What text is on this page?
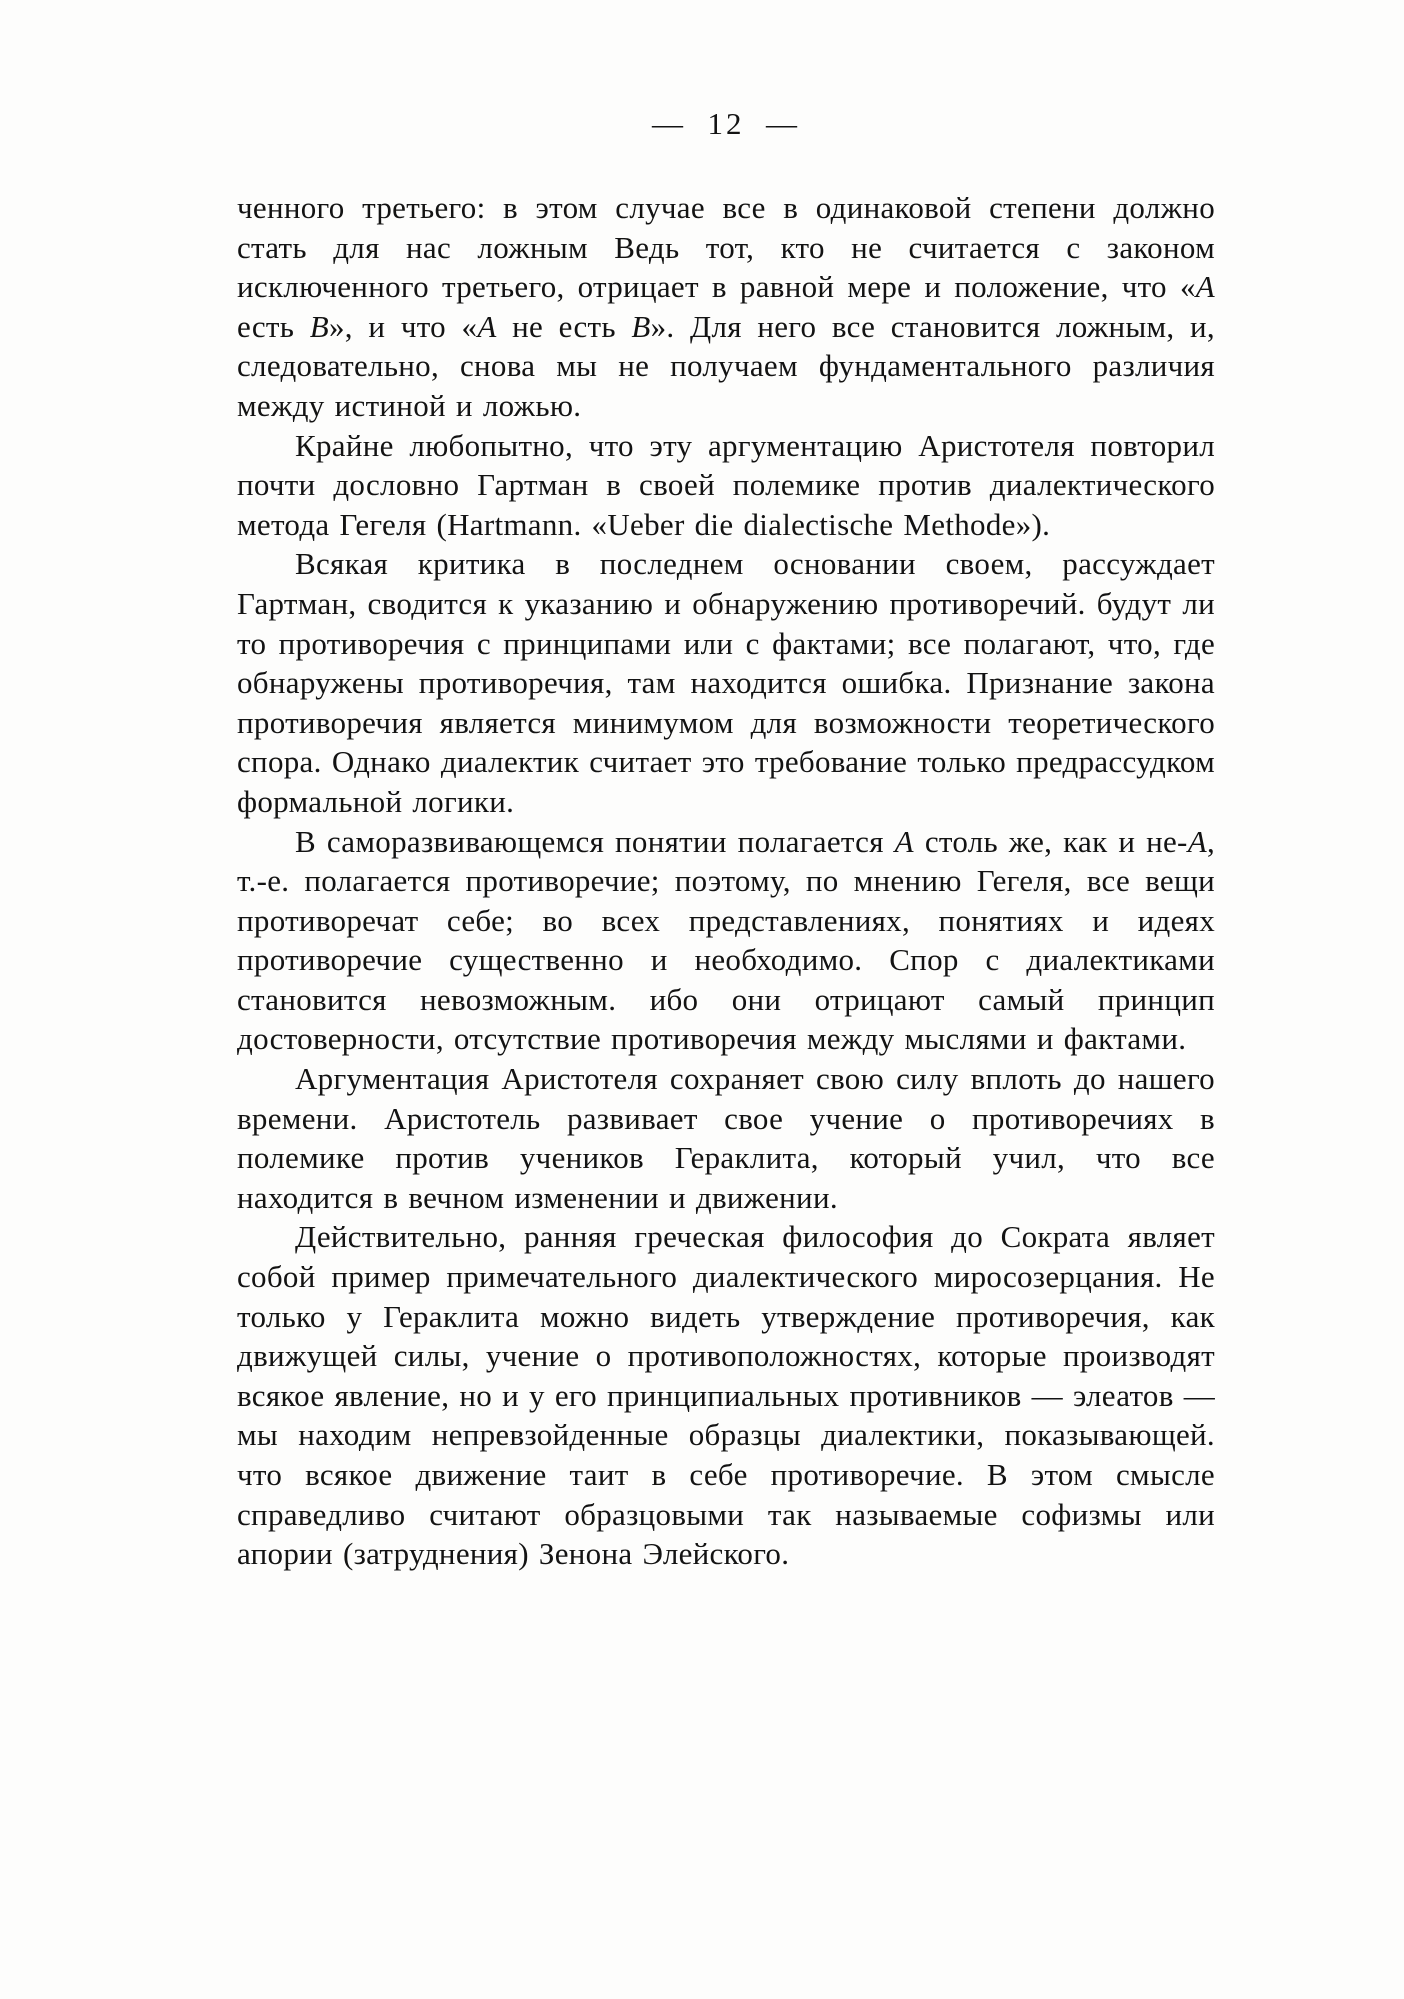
—  12  —

ченного третьего: в этом случае все в одинаковой степени должно стать для нас ложным Ведь тот, кто не считается с законом исключенного третьего, отрицает в равной мере и положение, что «А есть В», и что «А не есть В». Для него все становится ложным, и, следовательно, снова мы не получаем фундаментального различия между истиной и ложью.

Крайне любопытно, что эту аргументацию Аристотеля повторил почти дословно Гартман в своей полемике против диалектического метода Гегеля (Hartmann. «Ueber die dialectische Methode»).

Всякая критика в последнем основании своем, рассуждает Гартман, сводится к указанию и обнаружению противоречий. будут ли то противоречия с принципами или с фактами; все полагают, что, где обнаружены противоречия, там находится ошибка. Признание закона противоречия является минимумом для возможности теоретического спора. Однако диалектик считает это требование только предрассудком формальной логики.

В саморазвивающемся понятии полагается А столь же, как и не-А, т.-е. полагается противоречие; поэтому, по мнению Гегеля, все вещи противоречат себе; во всех представлениях, понятиях и идеях противоречие существенно и необходимо. Спор с диалектиками становится невозможным. ибо они отрицают самый принцип достоверности, отсутствие противоречия между мыслями и фактами.

Аргументация Аристотеля сохраняет свою силу вплоть до нашего времени. Аристотель развивает свое учение о противоречиях в полемике против учеников Гераклита, который учил, что все находится в вечном изменении и движении.

Действительно, ранняя греческая философия до Сократа являет собой пример примечательного диалектического миросозерцания. Не только у Гераклита можно видеть утверждение противоречия, как движущей силы, учение о противоположностях, которые производят всякое явление, но и у его принципиальных противников — элеатов — мы находим непревзойденные образцы диалектики, показывающей. что всякое движение таит в себе противоречие. В этом смысле справедливо считают образцовыми так называемые софизмы или апории (затруднения) Зенона Элейского.
